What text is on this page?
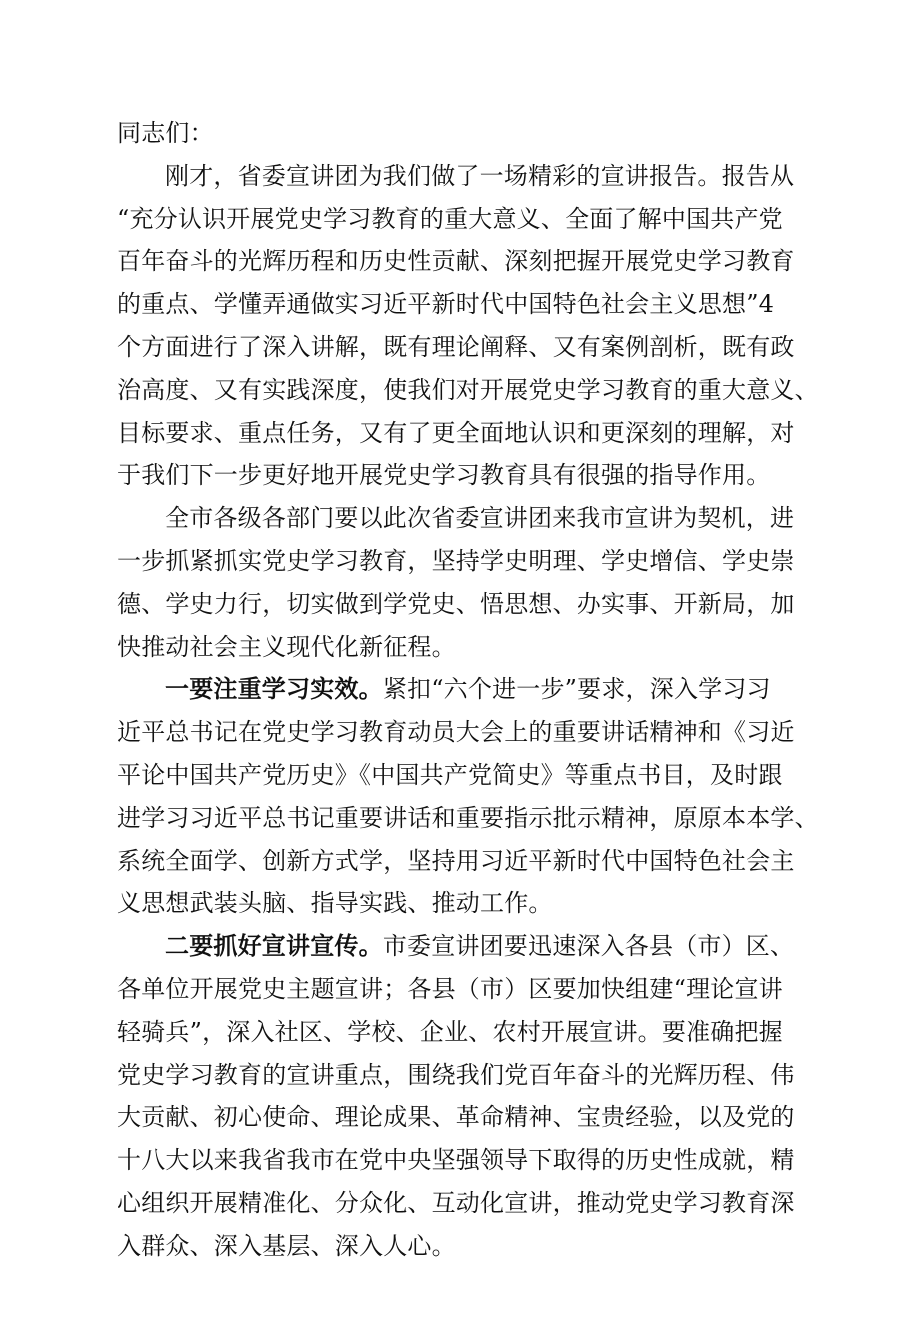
同志们：
刚才，省委宣讲团为我们做了一场精彩的宣讲报告。报告从
“充分认识开展党史学习教育的重大意义、全面了解中国共产党
百年奋斗的光辉历程和历史性贡献、深刻把握开展党史学习教育
的重点、学懂弄通做实习近平新时代中国特色社会主义思想”4
个方面进行了深入讲解，既有理论阐释、又有案例剖析，既有政
治高度、又有实践深度，使我们对开展党史学习教育的重大意义、
目标要求、重点任务，又有了更全面地认识和更深刻的理解，对
于我们下一步更好地开展党史学习教育具有很强的指导作用。
全市各级各部门要以此次省委宣讲团来我市宣讲为契机，进
一步抓紧抓实党史学习教育，坚持学史明理、学史增信、学史崇
德、学史力行，切实做到学党史、悟思想、办实事、开新局，加
快推动社会主义现代化新征程。
一要注重学习实效。紧扣“六个进一步”要求，深入学习习
近平总书记在党史学习教育动员大会上的重要讲话精神和《习近
平论中国共产党历史》《中国共产党简史》等重点书目，及时跟
进学习习近平总书记重要讲话和重要指示批示精神，原原本本学、
系统全面学、创新方式学，坚持用习近平新时代中国特色社会主
义思想武装头脑、指导实践、推动工作。
二要抓好宣讲宣传。市委宣讲团要迅速深入各县（市）区、
各单位开展党史主题宣讲；各县（市）区要加快组建“理论宣讲
轻骑兵”，深入社区、学校、企业、农村开展宣讲。要准确把握
党史学习教育的宣讲重点，围绕我们党百年奋斗的光辉历程、伟
大贡献、初心使命、理论成果、革命精神、宝贵经验，以及党的
十八大以来我省我市在党中央坚强领导下取得的历史性成就，精
心组织开展精准化、分众化、互动化宣讲，推动党史学习教育深
入群众、深入基层、深入人心。
